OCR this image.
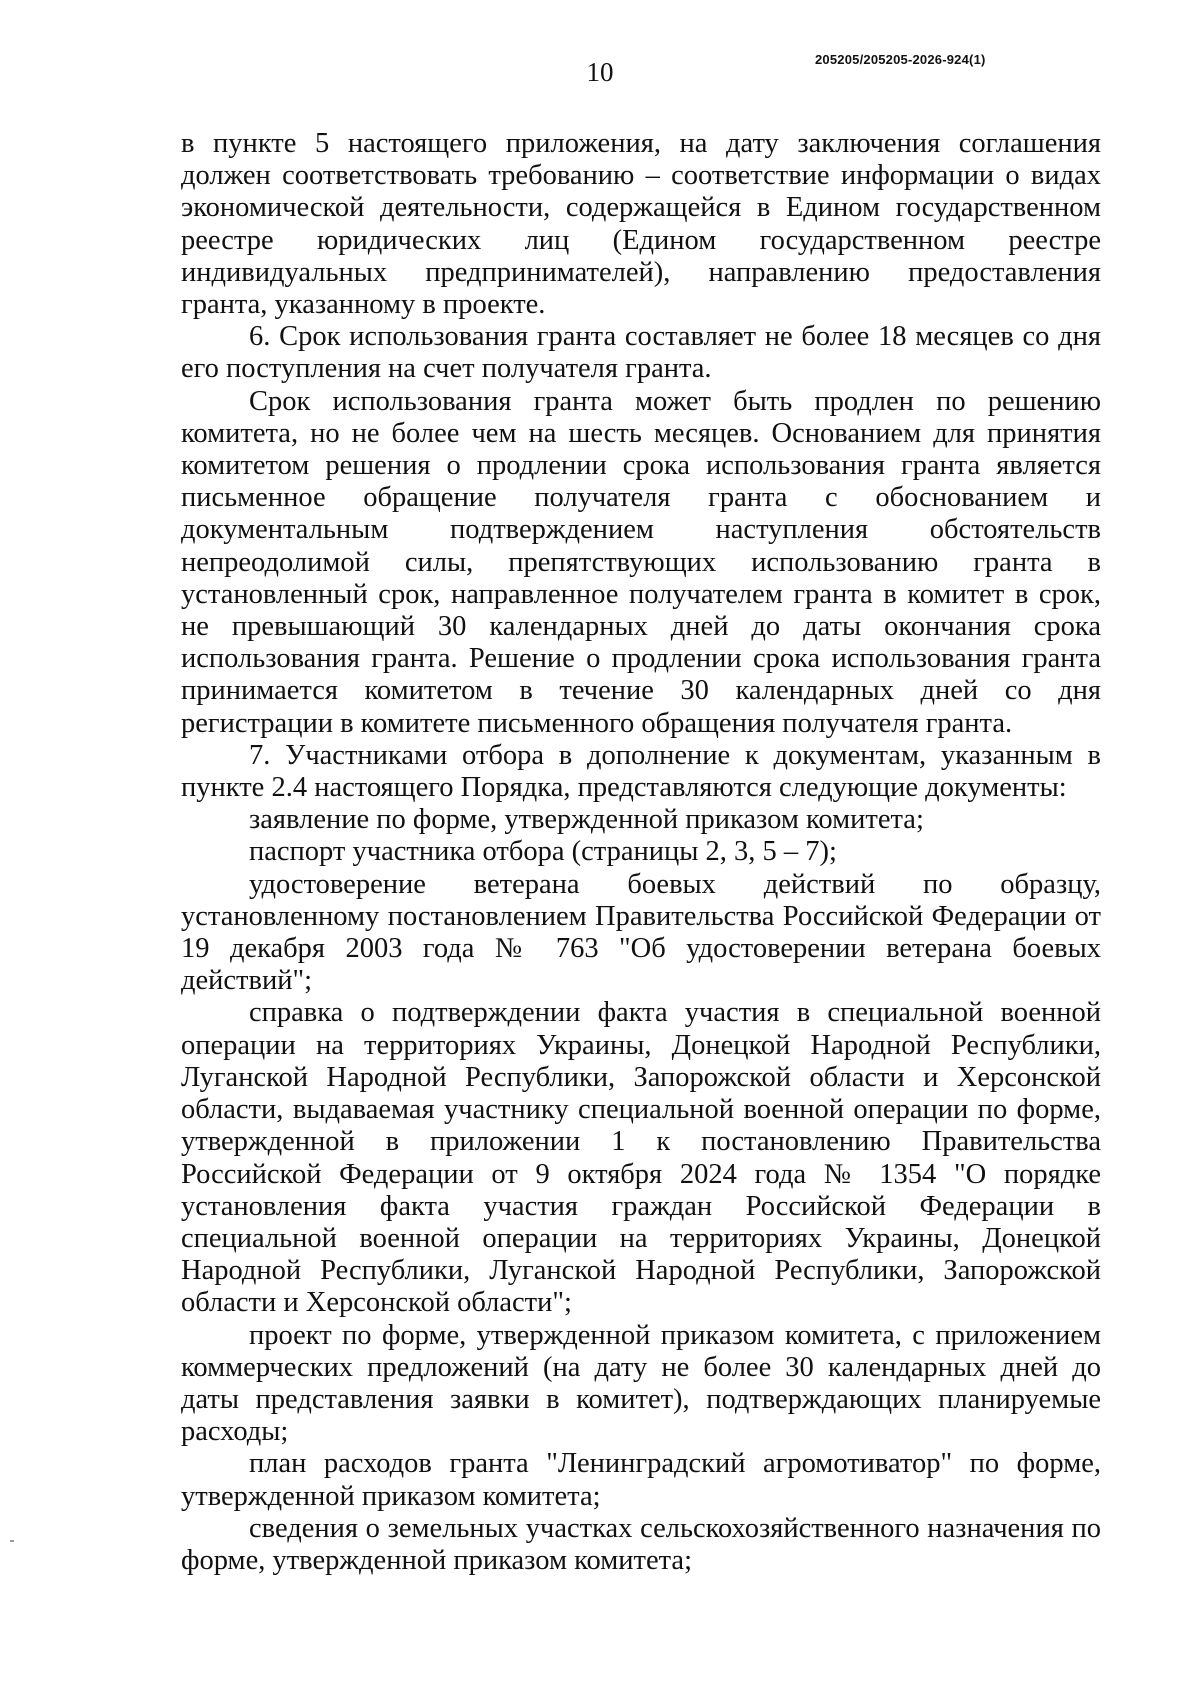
10	205205/205205-2026-924(1)

в пункте 5 настоящего приложения, на дату заключения соглашения должен соответствовать требованию – соответствие информации о видах экономической деятельности, содержащейся в Едином государственном реестре юридических лиц (Едином государственном реестре индивидуальных предпринимателей), направлению предоставления гранта, указанному в проекте.

6. Срок использования гранта составляет не более 18 месяцев со дня его поступления на счет получателя гранта.

Срок использования гранта может быть продлен по решению комитета, но не более чем на шесть месяцев. Основанием для принятия комитетом решения о продлении срока использования гранта является письменное обращение получателя гранта с обоснованием и документальным подтверждением наступления обстоятельств непреодолимой силы, препятствующих использованию гранта в установленный срок, направленное получателем гранта в комитет в срок, не превышающий 30 календарных дней до даты окончания срока использования гранта. Решение о продлении срока использования гранта принимается комитетом в течение 30 календарных дней со дня регистрации в комитете письменного обращения получателя гранта.

7. Участниками отбора в дополнение к документам, указанным в пункте 2.4 настоящего Порядка, представляются следующие документы:

заявление по форме, утвержденной приказом комитета;

паспорт участника отбора (страницы 2, 3, 5 – 7);

удостоверение ветерана боевых действий по образцу, установленному постановлением Правительства Российской Федерации от 19 декабря 2003 года № 763 "Об удостоверении ветерана боевых действий";

справка о подтверждении факта участия в специальной военной операции на территориях Украины, Донецкой Народной Республики, Луганской Народной Республики, Запорожской области и Херсонской области, выдаваемая участнику специальной военной операции по форме, утвержденной в приложении 1 к постановлению Правительства Российской Федерации от 9 октября 2024 года № 1354 "О порядке установления факта участия граждан Российской Федерации в специальной военной операции на территориях Украины, Донецкой Народной Республики, Луганской Народной Республики, Запорожской области и Херсонской области";

проект по форме, утвержденной приказом комитета, с приложением коммерческих предложений (на дату не более 30 календарных дней до даты представления заявки в комитет), подтверждающих планируемые расходы;

план расходов гранта "Ленинградский агромотиватор" по форме, утвержденной приказом комитета;

сведения о земельных участках сельскохозяйственного назначения по форме, утвержденной приказом комитета;
